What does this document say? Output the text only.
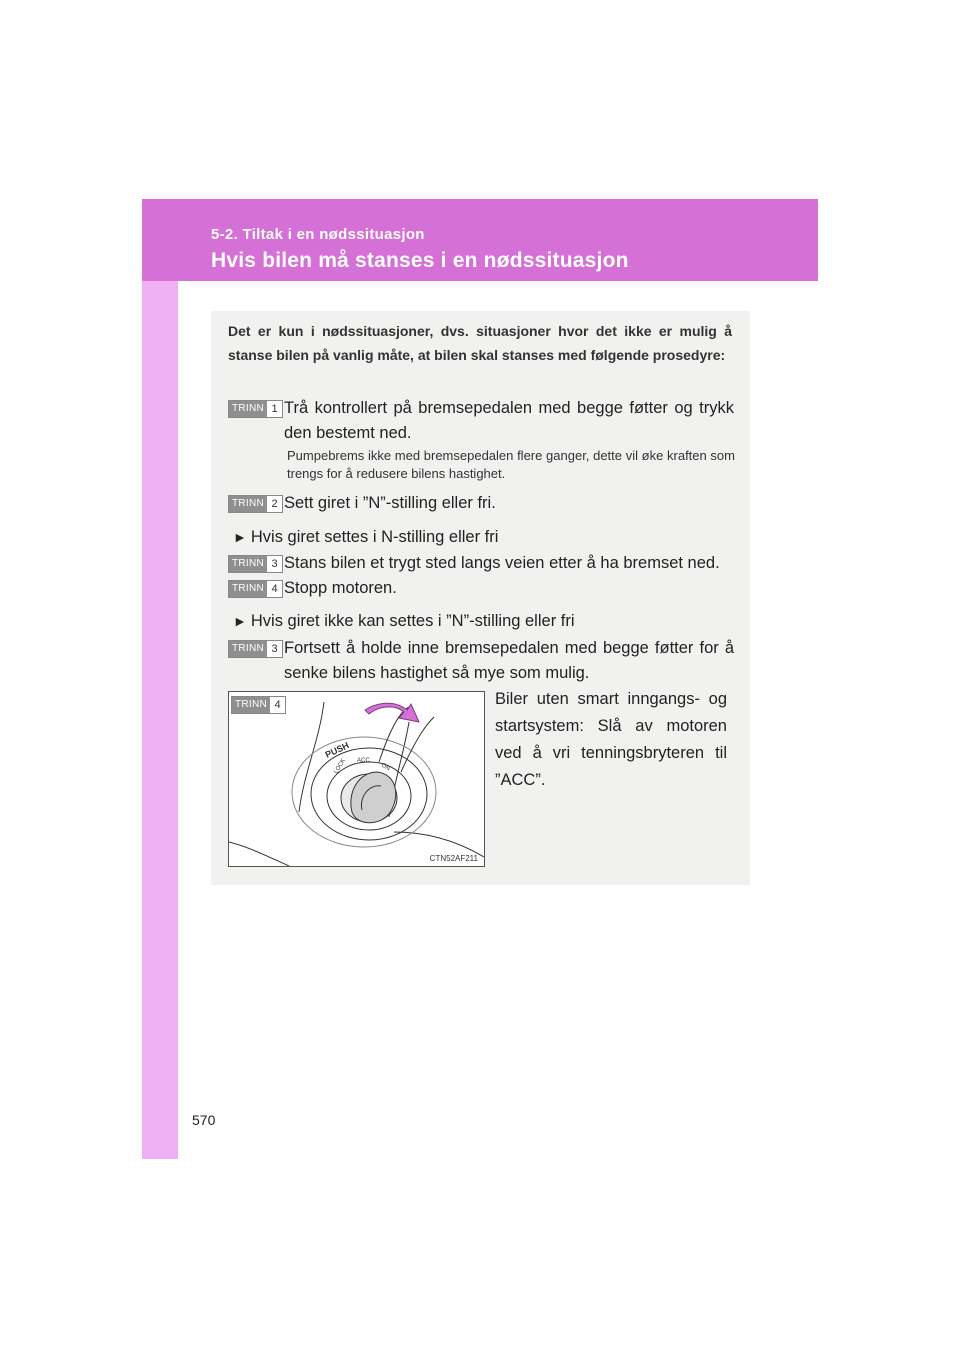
5-2. Tiltak i en nødssituasjon
Hvis bilen må stanses i en nødssituasjon
Det er kun i nødssituasjoner, dvs. situasjoner hvor det ikke er mulig å stanse bilen på vanlig måte, at bilen skal stanses med følgende prosedyre:
TRINN 1 Trå kontrollert på bremsepedalen med begge føtter og trykk den bestemt ned.
Pumpebrems ikke med bremsepedalen flere ganger, dette vil øke kraften som trengs for å redusere bilens hastighet.
TRINN 2 Sett giret i ”N”-stilling eller fri.
► Hvis giret settes i N-stilling eller fri
TRINN 3 Stans bilen et trygt sted langs veien etter å ha bremset ned.
TRINN 4 Stopp motoren.
► Hvis giret ikke kan settes i ”N”-stilling eller fri
TRINN 3 Fortsett å holde inne bremsepedalen med begge føtter for å senke bilens hastighet så mye som mulig.
PUSH
LOCK ACC
ON
TRINN 4
CTN52AF211
Biler uten smart inngangs- og startsystem: Slå av motoren ved å vri tenningsbryteren til ”ACC”.
570
